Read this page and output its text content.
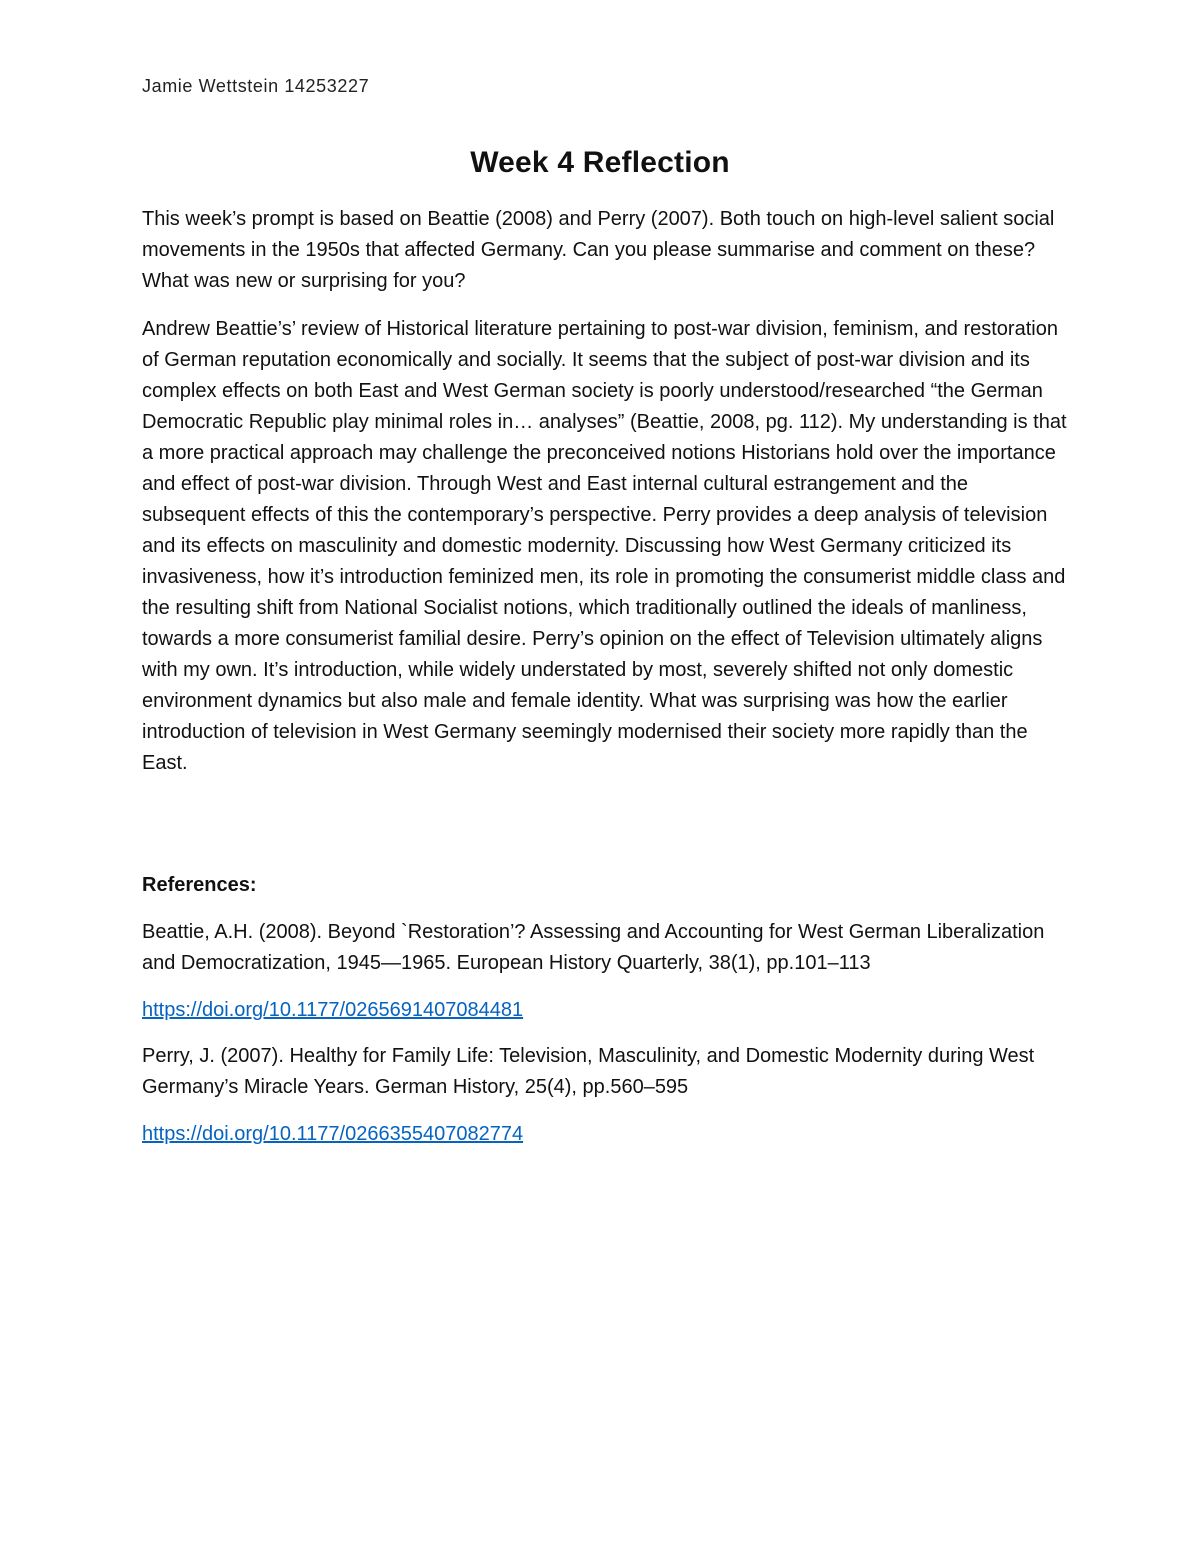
Jamie Wettstein 14253227
Week 4 Reflection

This week’s prompt is based on Beattie (2008) and Perry (2007). Both touch on high-level salient social movements in the 1950s that affected Germany. Can you please summarise and comment on these? What was new or surprising for you?

Andrew Beattie’s’ review of Historical literature pertaining to post-war division, feminism, and restoration of German reputation economically and socially. It seems that the subject of post-war division and its complex effects on both East and West German society is poorly understood/researched “the German Democratic Republic play minimal roles in… analyses” (Beattie, 2008, pg. 112). My understanding is that a more practical approach may challenge the preconceived notions Historians hold over the importance and effect of post-war division. Through West and East internal cultural estrangement and the subsequent effects of this the contemporary’s perspective. Perry provides a deep analysis of television and its effects on masculinity and domestic modernity. Discussing how West Germany criticized its invasiveness, how it’s introduction feminized men, its role in promoting the consumerist middle class and the resulting shift from National Socialist notions, which traditionally outlined the ideals of manliness, towards a more consumerist familial desire. Perry’s opinion on the effect of Television ultimately aligns with my own. It’s introduction, while widely understated by most, severely shifted not only domestic environment dynamics but also male and female identity. What was surprising was how the earlier introduction of television in West Germany seemingly modernised their society more rapidly than the East.

References:
Beattie, A.H. (2008). Beyond `Restoration’? Assessing and Accounting for West German Liberalization and Democratization, 1945—1965. European History Quarterly, 38(1), pp.101–113
https://doi.org/10.1177/0265691407084481
Perry, J. (2007). Healthy for Family Life: Television, Masculinity, and Domestic Modernity during West Germany’s Miracle Years. German History, 25(4), pp.560–595
https://doi.org/10.1177/0266355407082774
